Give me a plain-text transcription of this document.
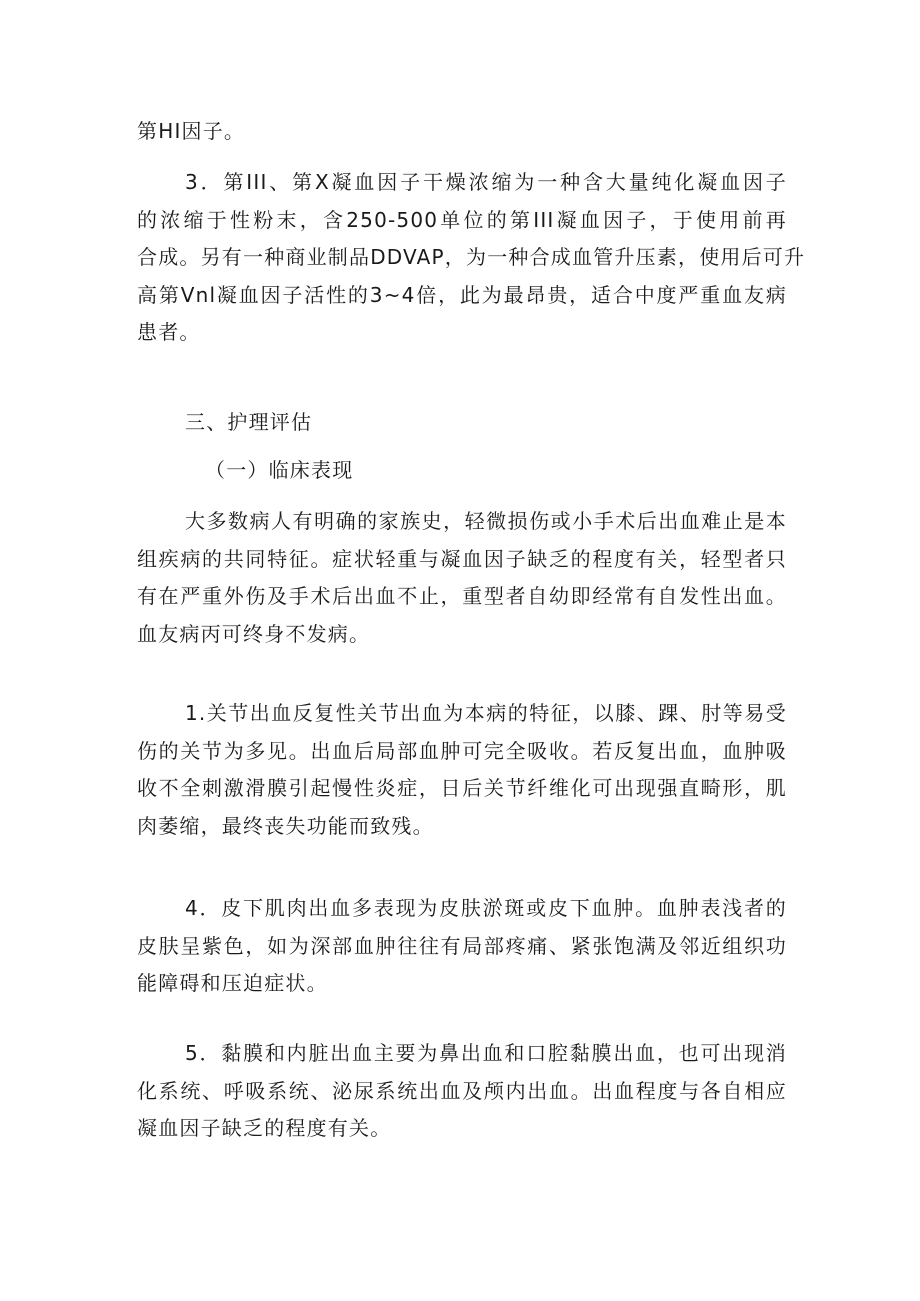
第HI因子。
3．第III、第X凝血因子干燥浓缩为一种含大量纯化凝血因子
的浓缩于性粉末，含250-500单位的第III凝血因子，于使用前再
合成。另有一种商业制品DDVAP，为一种合成血管升压素，使用后可升
高第Vnl凝血因子活性的3~4倍，此为最昂贵，适合中度严重血友病
患者。
三、护理评估
（一）临床表现
大多数病人有明确的家族史，轻微损伤或小手术后出血难止是本
组疾病的共同特征。症状轻重与凝血因子缺乏的程度有关，轻型者只
有在严重外伤及手术后出血不止，重型者自幼即经常有自发性出血。
血友病丙可终身不发病。
1.关节出血反复性关节出血为本病的特征，以膝、踝、肘等易受
伤的关节为多见。出血后局部血肿可完全吸收。若反复出血，血肿吸
收不全刺激滑膜引起慢性炎症，日后关节纤维化可出现强直畸形，肌
肉萎缩，最终丧失功能而致残。
4．皮下肌肉出血多表现为皮肤淤斑或皮下血肿。血肿表浅者的
皮肤呈紫色，如为深部血肿往往有局部疼痛、紧张饱满及邻近组织功
能障碍和压迫症状。
5．黏膜和内脏出血主要为鼻出血和口腔黏膜出血，也可出现消
化系统、呼吸系统、泌尿系统出血及颅内出血。出血程度与各自相应
凝血因子缺乏的程度有关。
